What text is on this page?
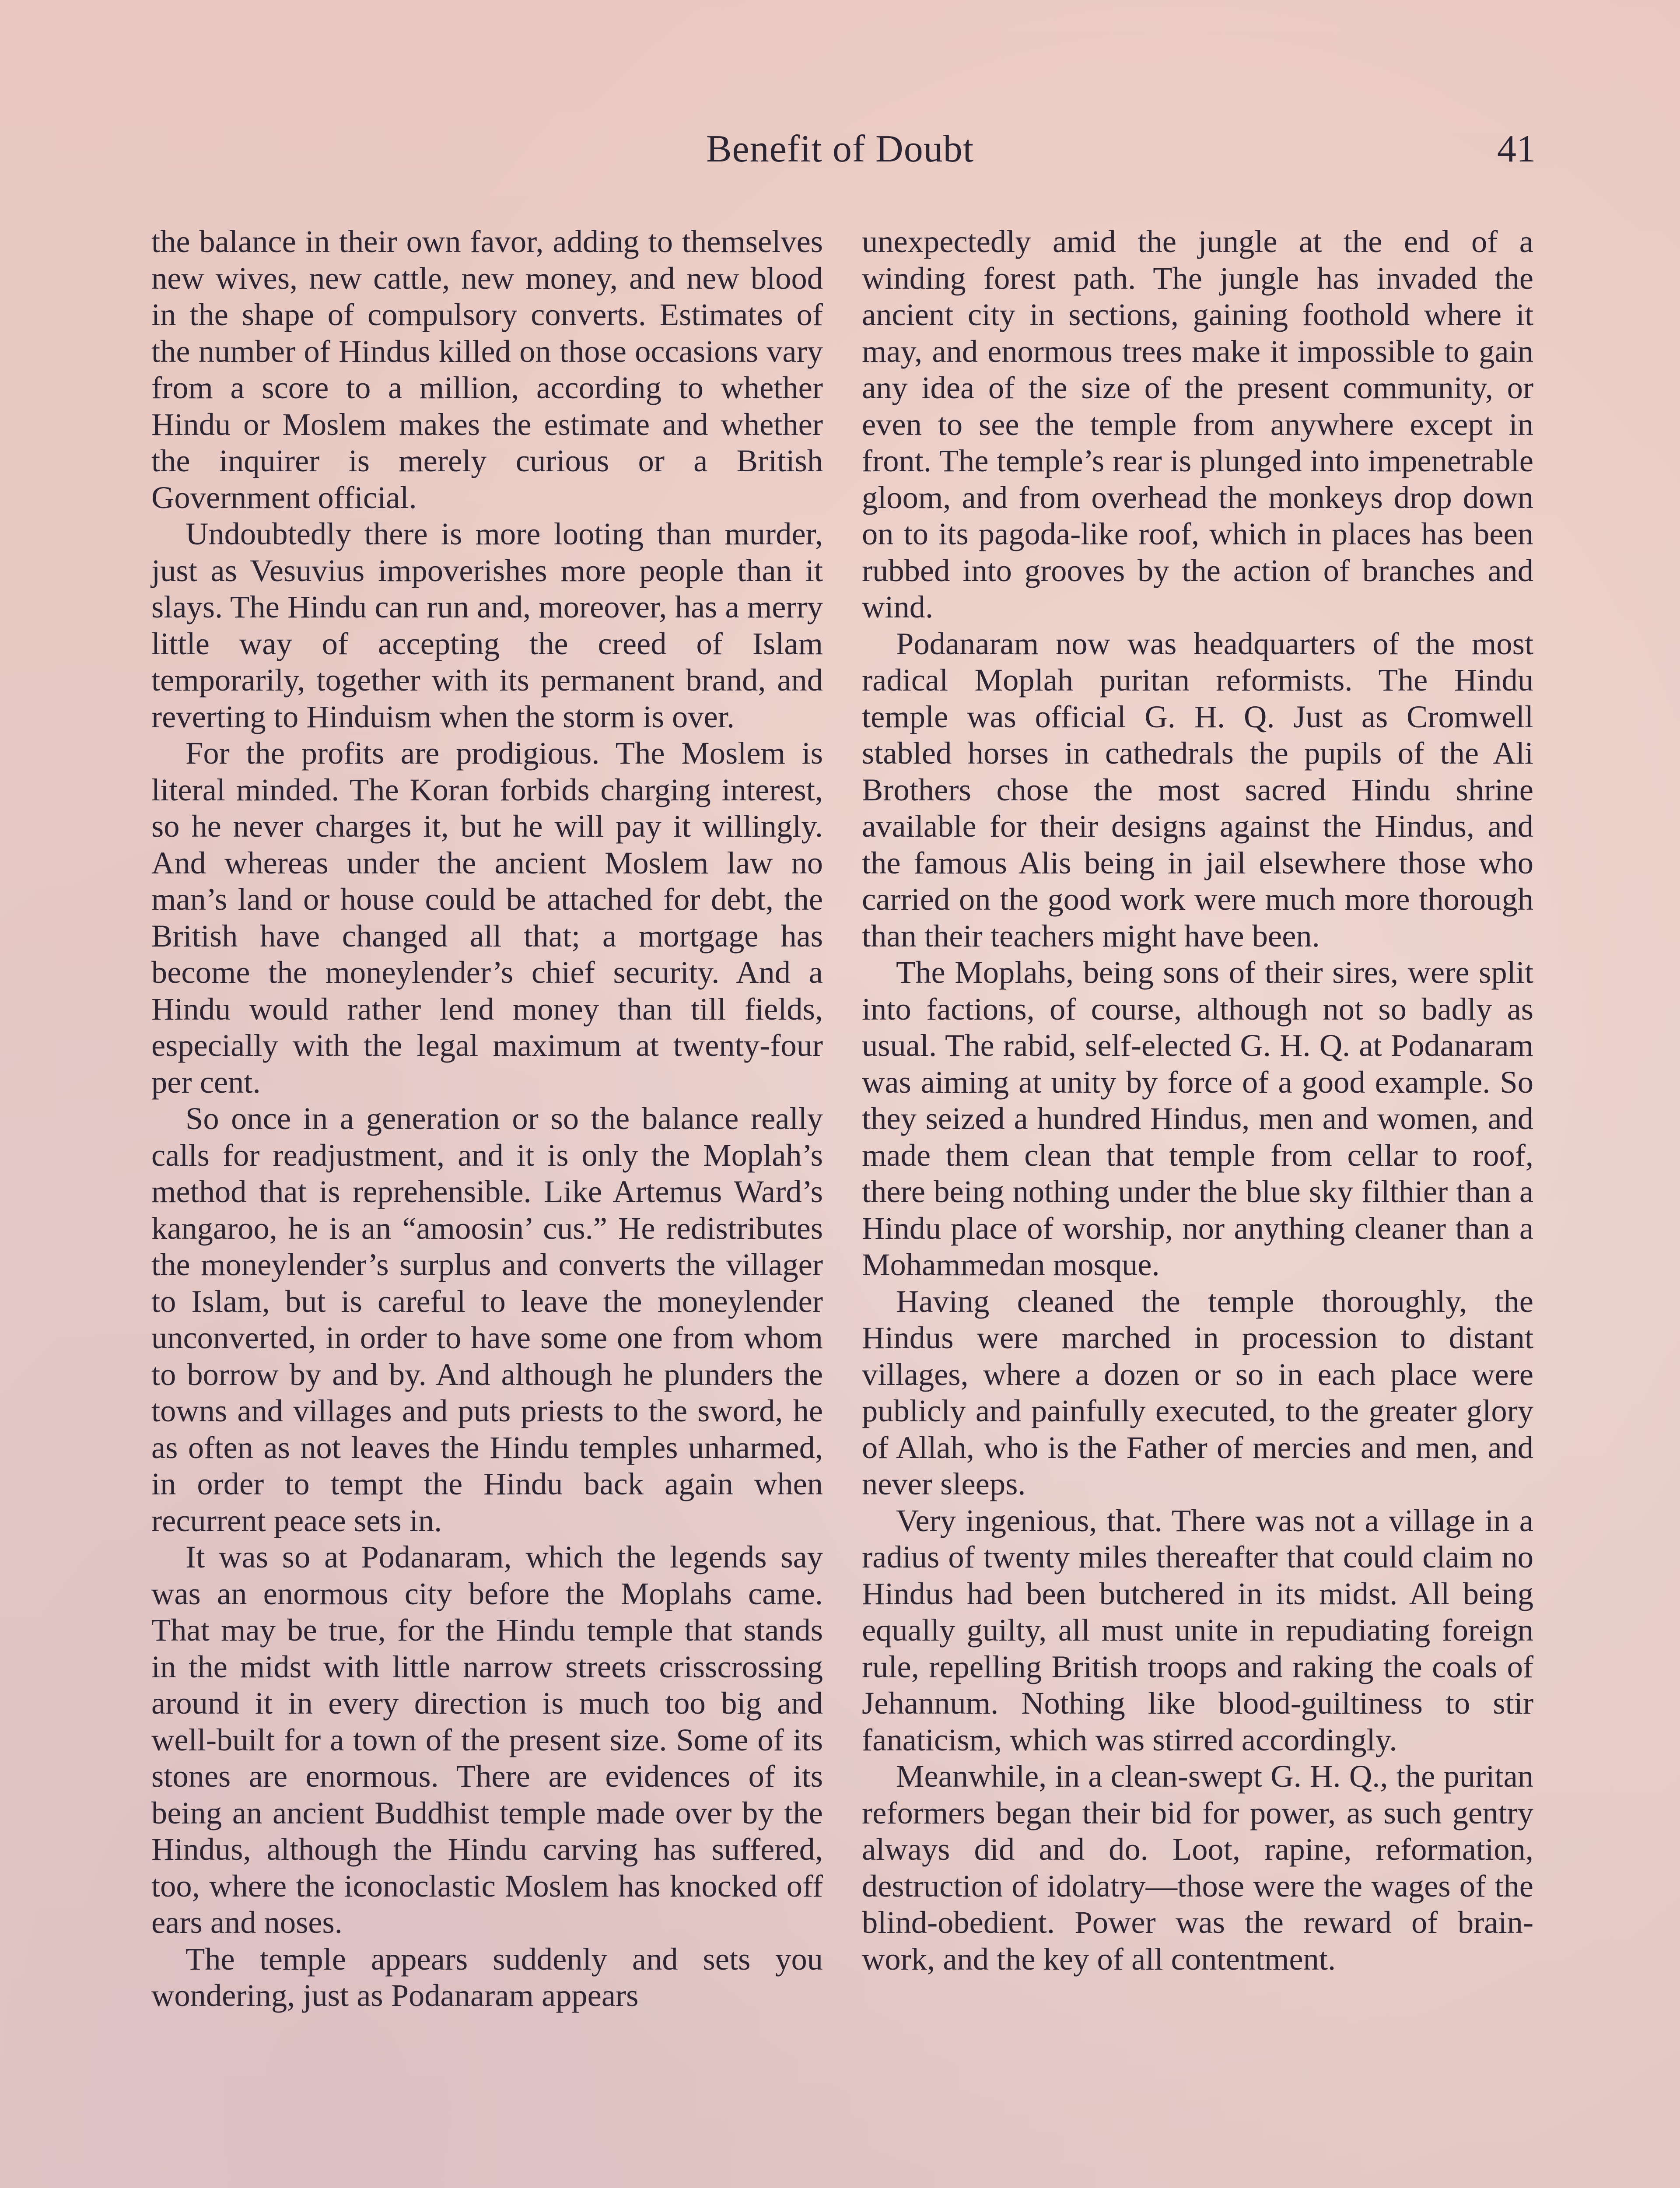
Benefit of Doubt	41

the balance in their own favor, adding to themselves new wives, new cattle, new money, and new blood in the shape of compulsory converts. Estimates of the number of Hindus killed on those occasions vary from a score to a million, according to whether Hindu or Moslem makes the estimate and whether the inquirer is merely curious or a British Government official.

Undoubtedly there is more looting than murder, just as Vesuvius impoverishes more people than it slays. The Hindu can run and, moreover, has a merry little way of accepting the creed of Islam temporarily, together with its permanent brand, and reverting to Hinduism when the storm is over.

For the profits are prodigious. The Moslem is literal minded. The Koran forbids charging interest, so he never charges it, but he will pay it willingly. And whereas under the ancient Moslem law no man’s land or house could be attached for debt, the British have changed all that; a mortgage has become the moneylender’s chief security. And a Hindu would rather lend money than till fields, especially with the legal maximum at twenty-four per cent.

So once in a generation or so the balance really calls for readjustment, and it is only the Moplah’s method that is reprehensible. Like Artemus Ward’s kangaroo, he is an “amoosin’ cus.” He redistributes the moneylender’s surplus and converts the villager to Islam, but is careful to leave the moneylender unconverted, in order to have some one from whom to borrow by and by. And although he plunders the towns and villages and puts priests to the sword, he as often as not leaves the Hindu temples unharmed, in order to tempt the Hindu back again when recurrent peace sets in.

It was so at Podanaram, which the legends say was an enormous city before the Moplahs came. That may be true, for the Hindu temple that stands in the midst with little narrow streets crisscrossing around it in every direction is much too big and well-built for a town of the present size. Some of its stones are enormous. There are evidences of its being an ancient Buddhist temple made over by the Hindus, although the Hindu carving has suffered, too, where the iconoclastic Moslem has knocked off ears and noses.

The temple appears suddenly and sets you wondering, just as Podanaram appears

unexpectedly amid the jungle at the end of a winding forest path. The jungle has invaded the ancient city in sections, gaining foothold where it may, and enormous trees make it impossible to gain any idea of the size of the present community, or even to see the temple from anywhere except in front. The temple’s rear is plunged into impenetrable gloom, and from overhead the monkeys drop down on to its pagoda-like roof, which in places has been rubbed into grooves by the action of branches and wind.

Podanaram now was headquarters of the most radical Moplah puritan reformists. The Hindu temple was official G. H. Q. Just as Cromwell stabled horses in cathedrals the pupils of the Ali Brothers chose the most sacred Hindu shrine available for their designs against the Hindus, and the famous Alis being in jail elsewhere those who carried on the good work were much more thorough than their teachers might have been.

The Moplahs, being sons of their sires, were split into factions, of course, although not so badly as usual. The rabid, self-elected G. H. Q. at Podanaram was aiming at unity by force of a good example. So they seized a hundred Hindus, men and women, and made them clean that temple from cellar to roof, there being nothing under the blue sky filthier than a Hindu place of worship, nor anything cleaner than a Mohammedan mosque.

Having cleaned the temple thoroughly, the Hindus were marched in procession to distant villages, where a dozen or so in each place were publicly and painfully executed, to the greater glory of Allah, who is the Father of mercies and men, and never sleeps.

Very ingenious, that. There was not a village in a radius of twenty miles thereafter that could claim no Hindus had been butchered in its midst. All being equally guilty, all must unite in repudiating foreign rule, repelling British troops and raking the coals of Jehannum. Nothing like blood-guiltiness to stir fanaticism, which was stirred accordingly.

Meanwhile, in a clean-swept G. H. Q., the puritan reformers began their bid for power, as such gentry always did and do. Loot, rapine, reformation, destruction of idolatry—those were the wages of the blind-obedient. Power was the reward of brain-work, and the key of all contentment.
